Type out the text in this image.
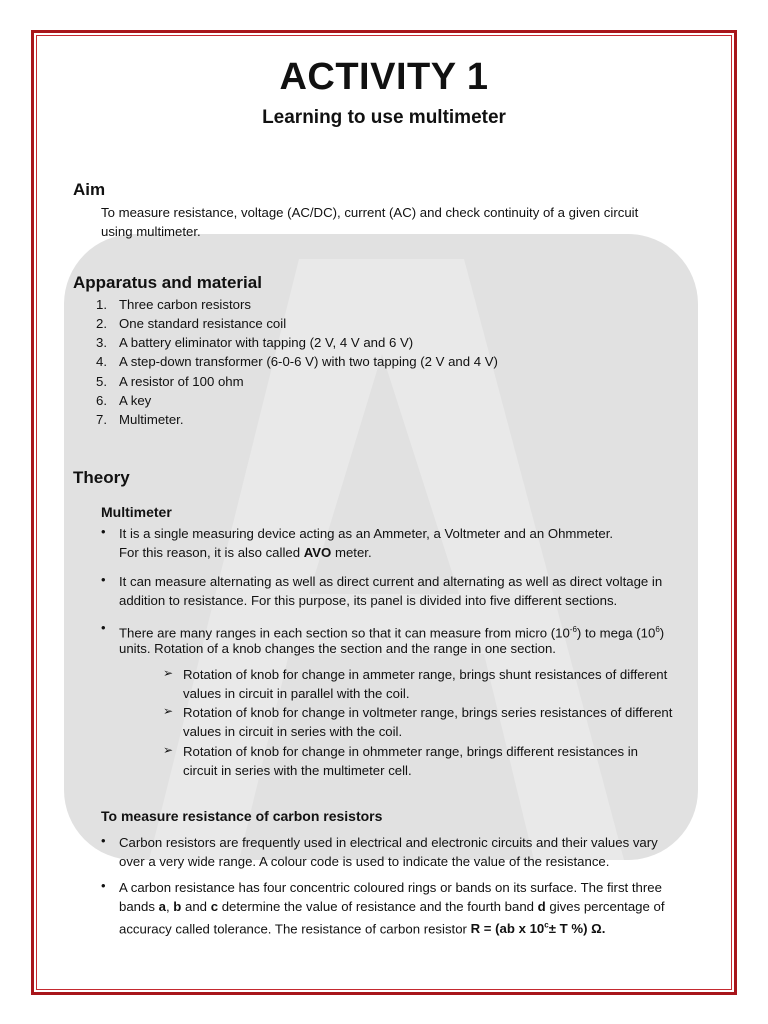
ACTIVITY 1
Learning to use multimeter
Aim
To measure resistance, voltage (AC/DC), current (AC) and check continuity of a given circuit
using multimeter.
Apparatus and material
1. Three carbon resistors
2. One standard resistance coil
3. A battery eliminator with tapping (2 V, 4 V and 6 V)
4. A step-down transformer (6-0-6 V) with two tapping (2 V and 4 V)
5. A resistor of 100 ohm
6. A key
7. Multimeter.
Theory
Multimeter
• It is a single measuring device acting as an Ammeter, a Voltmeter and an Ohmmeter.
For this reason, it is also called AVO meter.
• It can measure alternating as well as direct current and alternating as well as direct voltage in
addition to resistance. For this purpose, its panel is divided into five different sections.
• There are many ranges in each section so that it can measure from micro $(10^{-6})$ to mega $(10^6)$
units. Rotation of a knob changes the section and the range in one section.
➢ Rotation of knob for change in ammeter range, brings shunt resistances of different
values in circuit in parallel with the coil.
➢ Rotation of knob for change in voltmeter range, brings series resistances of different
values in circuit in series with the coil.
➢ Rotation of knob for change in ohmmeter range, brings different resistances in
circuit in series with the multimeter cell.
To measure resistance of carbon resistors
• Carbon resistors are frequently used in electrical and electronic circuits and their values vary
over a very wide range. A colour code is used to indicate the value of the resistance.
• A carbon resistance has four concentric coloured rings or bands on its surface. The first three
bands a, b and c determine the value of resistance and the fourth band d gives percentage of
accuracy called tolerance. The resistance of carbon resistor R = (ab x $10^c\pm T$ %) Ω.
